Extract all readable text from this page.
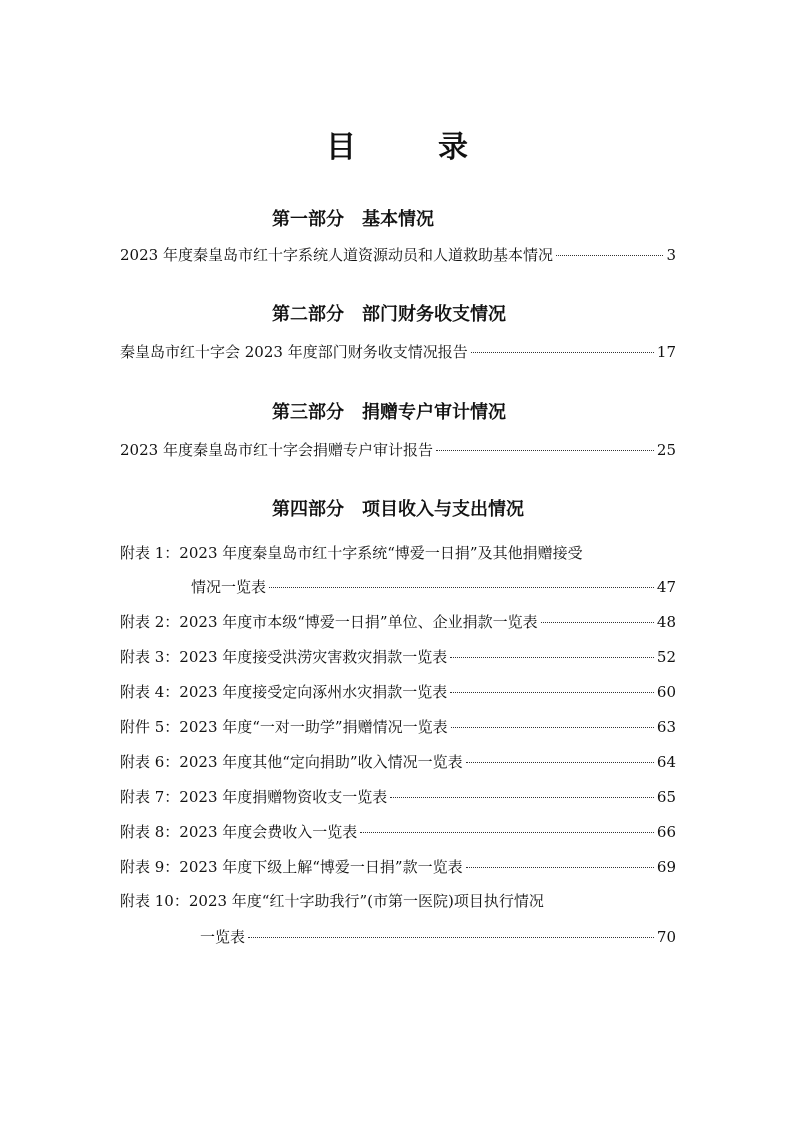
目　录
第一部分　基本情况
2023 年度秦皇岛市红十字系统人道资源动员和人道救助基本情况	3
第二部分　部门财务收支情况
秦皇岛市红十字会 2023 年度部门财务收支情况报告	17
第三部分　捐赠专户审计情况
2023 年度秦皇岛市红十字会捐赠专户审计报告	25
第四部分　项目收入与支出情况
附表 1：2023 年度秦皇岛市红十字系统“博爱一日捐”及其他捐赠接受
情况一览表	47
附表 2：2023 年度市本级“博爱一日捐”单位、企业捐款一览表	48
附表 3：2023 年度接受洪涝灾害救灾捐款一览表	52
附表 4：2023 年度接受定向涿州水灾捐款一览表	60
附件 5：2023 年度“一对一助学”捐赠情况一览表	63
附表 6：2023 年度其他“定向捐助”收入情况一览表	64
附表 7：2023 年度捐赠物资收支一览表	65
附表 8：2023 年度会费收入一览表	66
附表 9：2023 年度下级上解“博爱一日捐”款一览表	69
附表 10：2023 年度“红十字助我行”(市第一医院)项目执行情况
一览表	70
